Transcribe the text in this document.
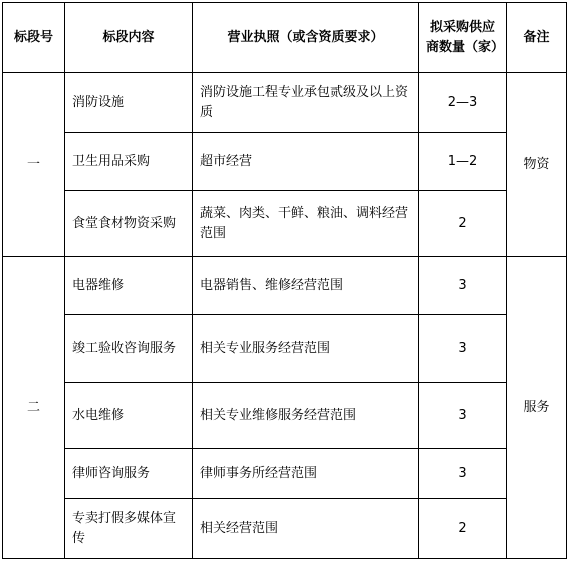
标段号	标段内容	营业执照（或含资质要求）	拟采购供应商数量（家）	备注
一	消防设施	消防设施工程专业承包贰级及以上资质	2—3	物资
	卫生用品采购	超市经营	1—2	
	食堂食材物资采购	蔬菜、肉类、干鲜、粮油、调料经营范围	2	
二	电器维修	电器销售、维修经营范围	3	服务
	竣工验收咨询服务	相关专业服务经营范围	3	
	水电维修	相关专业维修服务经营范围	3	
	律师咨询服务	律师事务所经营范围	3	
	专卖打假多媒体宣传	相关经营范围	2	
